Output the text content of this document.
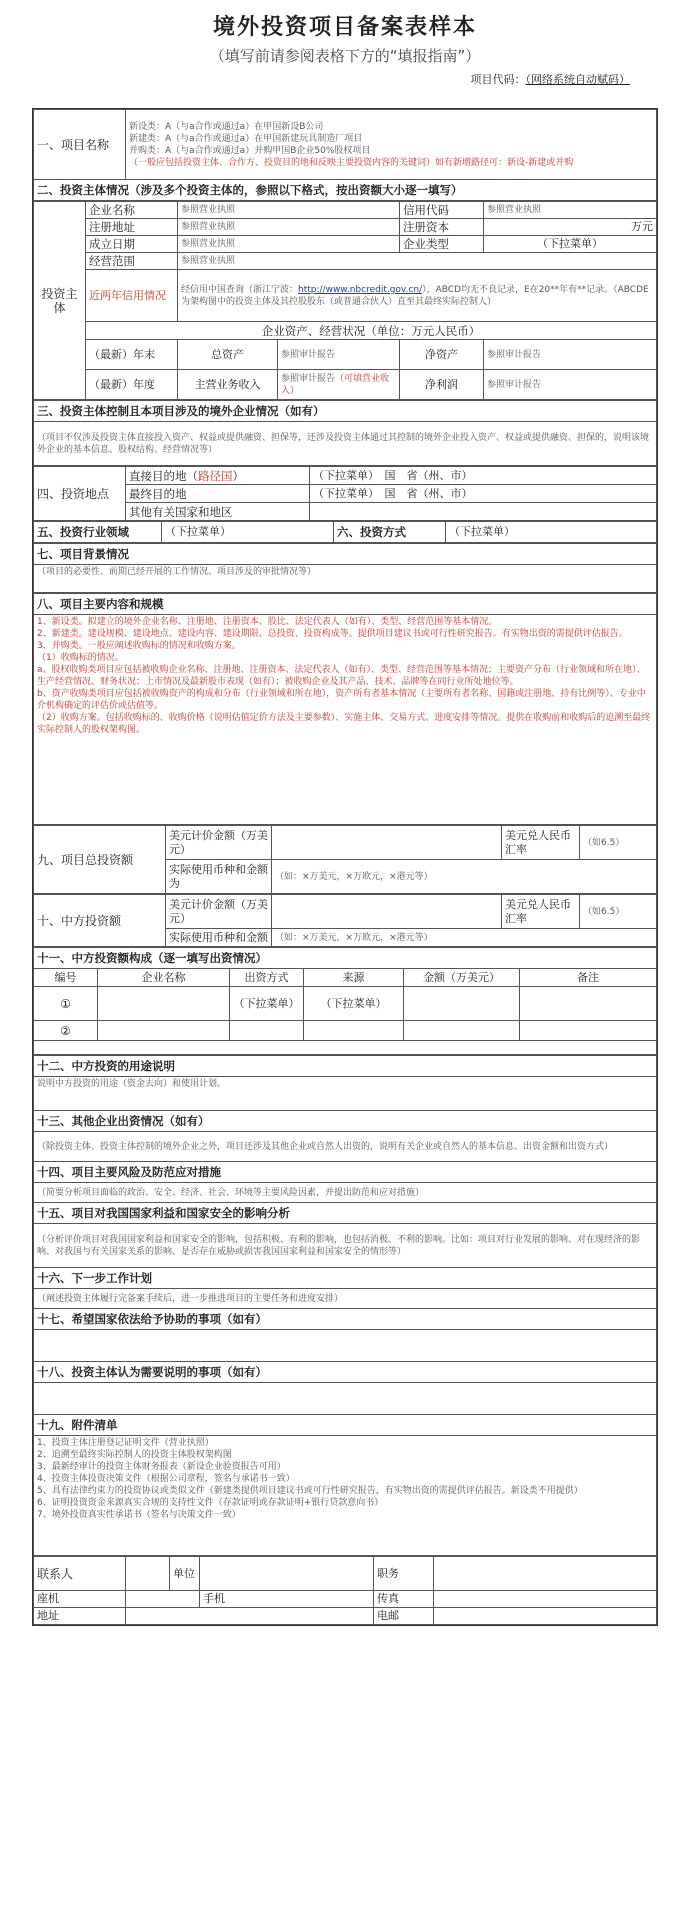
境外投资项目备案表样本
（填写前请参阅表格下方的“填报指南”）
项目代码：（网络系统自动赋码）
一、项目名称	
新设类：A（与a合作或通过a）在甲国新设B公司
新建类：A（与a合作或通过a）在甲国新建玩具制造厂项目
并购类：A（与a合作或通过a）并购甲国B企业50%股权项目
（一般应包括投资主体、合作方、投资目的地和反映主要投资内容的关键词）如有新增路径可：新设-新建或并购

二、投资主体情况（涉及多个投资主体的，参照以下格式，按出资额大小逐一填写）
投资主体	企业名称	参照营业执照		信用代码	参照营业执照
	注册地址	参照营业执照		注册资本	万元
	成立日期	参照营业执照		企业类型	（下拉菜单）
	经营范围	参照营业执照			
	近两年信用情况	经信用中国查询（浙江宁波：http://www.nbcredit.gov.cn/），ABCD均无不良记录，E在20**年有**记录。（ABCDE为架构图中的投资主体及其控股股东（或普通合伙人）直至其最终实际控制人）			
	企业资产、经营状况（单位：万元人民币）				
	（最新）年末	总资产	参照审计报告	净资产	参照审计报告
	（最新）年度	主营业务收入	参照审计报告（可填营业收入）	净利润	参照审计报告
三、投资主体控制且本项目涉及的境外企业情况（如有）
（项目不仅涉及投资主体直接投入资产、权益或提供融资、担保等，还涉及投资主体通过其控制的境外企业投入资产、权益或提供融资、担保的，说明该境外企业的基本信息、股权结构、经营情况等）
四、投资地点	直接目的地（路径国）	（下拉菜单）　国　省（州、市）
	最终目的地	（下拉菜单）　国　省（州、市）
	其他有关国家和地区	
五、投资行业领域	（下拉菜单）	六、投资方式	（下拉菜单）
七、项目背景情况
（项目的必要性、前期已经开展的工作情况、项目涉及的审批情况等）
八、项目主要内容和规模

1、新设类。拟建立的境外企业名称、注册地、注册资本、股比、法定代表人（如有）、类型、经营范围等基本情况。
2、新建类。建设规模、建设地点、建设内容、建设期限、总投资、投资构成等。提供项目建议书或可行性研究报告。有实物出资的需提供评估报告。
3、并购类。一般应阐述收购标的情况和收购方案。
（1）收购标的情况。
a、股权收购类项目应包括被收购企业名称、注册地、注册资本、法定代表人（如有）、类型、经营范围等基本情况；主要资产分布（行业领域和所在地）、生产经营情况、财务状况；上市情况及最新股市表现（如有）；被收购企业及其产品、技术、品牌等在同行业所处地位等。
b、资产收购类项目应包括被收购资产的构成和分布（行业领域和所在地），资产所有者基本情况（主要所有者名称、国籍或注册地、持有比例等）、专业中介机构确定的评估价或估值等。
（2）收购方案。包括收购标的、收购价格（说明估值定价方法及主要参数）、实施主体、交易方式、进度安排等情况。提供在收购前和收购后的追溯至最终实际控制人的股权架构图。
九、项目总投资额	美元计价金额（万美元）		美元兑人民币汇率	（如6.5）
	实际使用币种和金额为	（如：×万美元，×万欧元，×港元等）		
十、中方投资额	美元计价金额（万美元）		美元兑人民币汇率	（如6.5）
	实际使用币种和金额	（如：×万美元，×万欧元，×港元等）		
十一、中方投资额构成（逐一填写出资情况）					
编号	企业名称	出资方式	来源	金额（万美元）	备注
①		（下拉菜单）	（下拉菜单）		
②					

十二、中方投资的用途说明
说明中方投资的用途（资金去向）和使用计划。
十三、其他企业出资情况（如有）
（除投资主体、投资主体控制的境外企业之外，项目还涉及其他企业或自然人出资的，说明有关企业或自然人的基本信息、出资金额和出资方式）
十四、项目主要风险及防范应对措施
（简要分析项目面临的政治、安全、经济、社会、环境等主要风险因素，并提出防范和应对措施）
十五、项目对我国国家利益和国家安全的影响分析
（分析评价项目对我国国家利益和国家安全的影响，包括积极、有利的影响，也包括消极、不利的影响。比如：项目对行业发展的影响、对在现经济的影响、对我国与有关国家关系的影响、是否存在威胁或损害我国国家利益和国家安全的情形等）
十六、下一步工作计划
（阐述投资主体履行完备案手续后，进一步推进项目的主要任务和进度安排）
十七、希望国家依法给予协助的事项（如有）

十八、投资主体认为需要说明的事项（如有）

十九、附件清单

1、投资主体注册登记证明文件（营业执照）
2、追溯至最终实际控制人的投资主体股权架构图
3、最新经审计的投资主体财务报表（新设企业验资报告可用）
4、投资主体投资决策文件（根据公司章程，签名与承诺书一致）
5、具有法律约束力的投资协议或类似文件（新建类提供项目建议书或可行性研究报告，有实物出资的需提供评估报告。新设类不用提供）
6、证明投资资金来源真实合规的支持性文件（存款证明或存款证明+银行贷款意向书）
7、境外投资真实性承诺书（签名与决策文件一致）
联系人		单位		职务	
座机			手机	传真	
地址				电邮	
